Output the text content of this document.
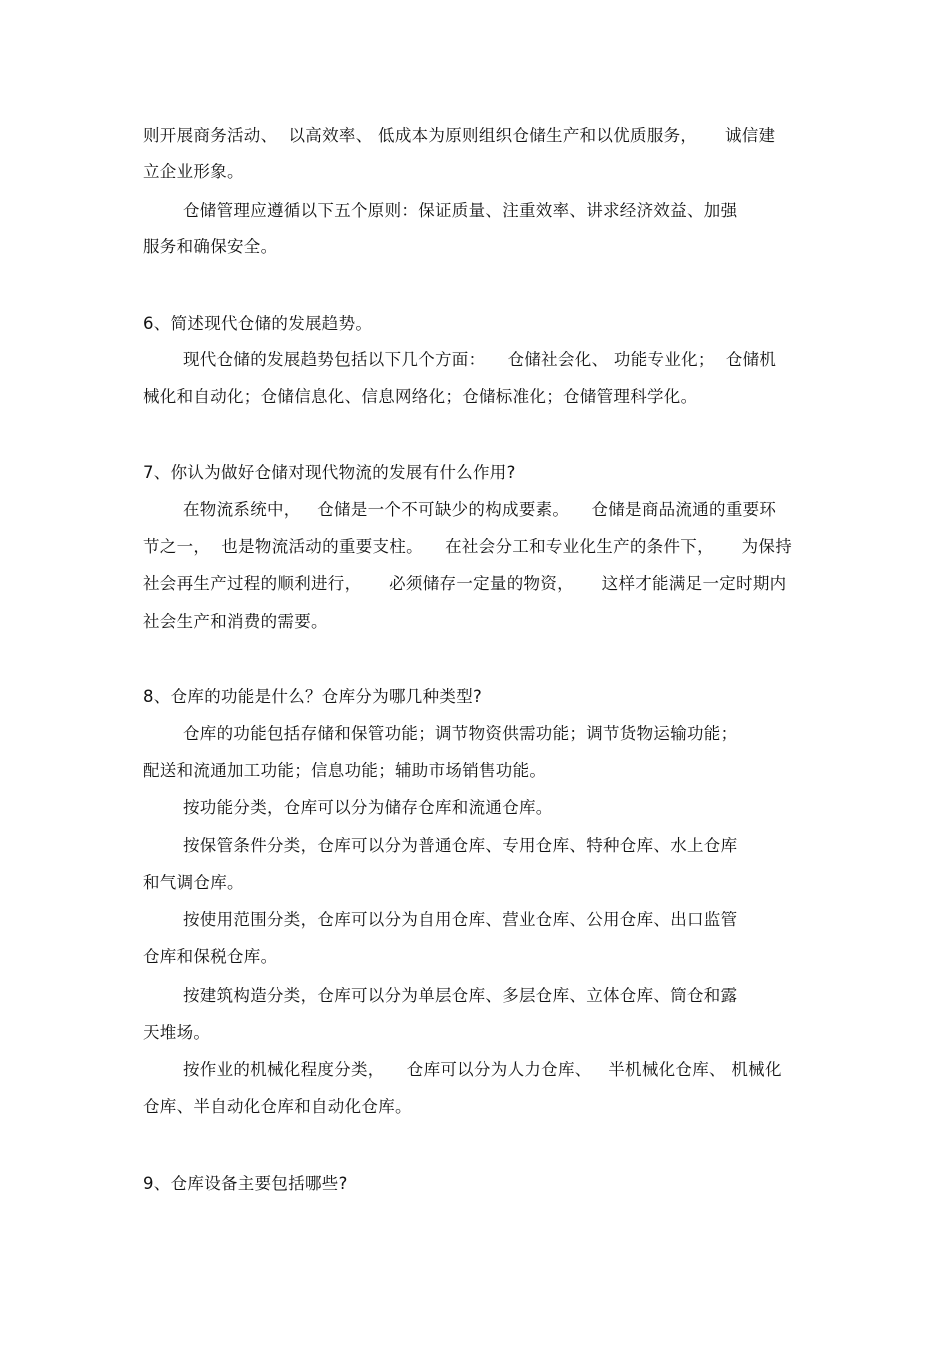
则开展商务活动、  以高效率、 低成本为原则组织仓储生产和以优质服务，     诚信建
立企业形象。
仓储管理应遵循以下五个原则：保证质量、注重效率、讲求经济效益、加强
服务和确保安全。
6、简述现代仓储的发展趋势。
现代仓储的发展趋势包括以下几个方面：    仓储社会化、 功能专业化；  仓储机
械化和自动化；仓储信息化、信息网络化；仓储标准化；仓储管理科学化。
7、你认为做好仓储对现代物流的发展有什么作用?
在物流系统中，   仓储是一个不可缺少的构成要素。    仓储是商品流通的重要环
节之一，  也是物流活动的重要支柱。    在社会分工和专业化生产的条件下，     为保持
社会再生产过程的顺利进行，     必须储存一定量的物资，     这样才能满足一定时期内
社会生产和消费的需要。
8、仓库的功能是什么？仓库分为哪几种类型?
仓库的功能包括存储和保管功能；调节物资供需功能；调节货物运输功能；
配送和流通加工功能；信息功能；辅助市场销售功能。
按功能分类，仓库可以分为储存仓库和流通仓库。
按保管条件分类，仓库可以分为普通仓库、专用仓库、特种仓库、水上仓库
和气调仓库。
按使用范围分类，仓库可以分为自用仓库、营业仓库、公用仓库、出口监管
仓库和保税仓库。
按建筑构造分类，仓库可以分为单层仓库、多层仓库、立体仓库、筒仓和露
天堆场。
按作业的机械化程度分类，    仓库可以分为人力仓库、   半机械化仓库、 机械化
仓库、半自动化仓库和自动化仓库。
9、仓库设备主要包括哪些?
